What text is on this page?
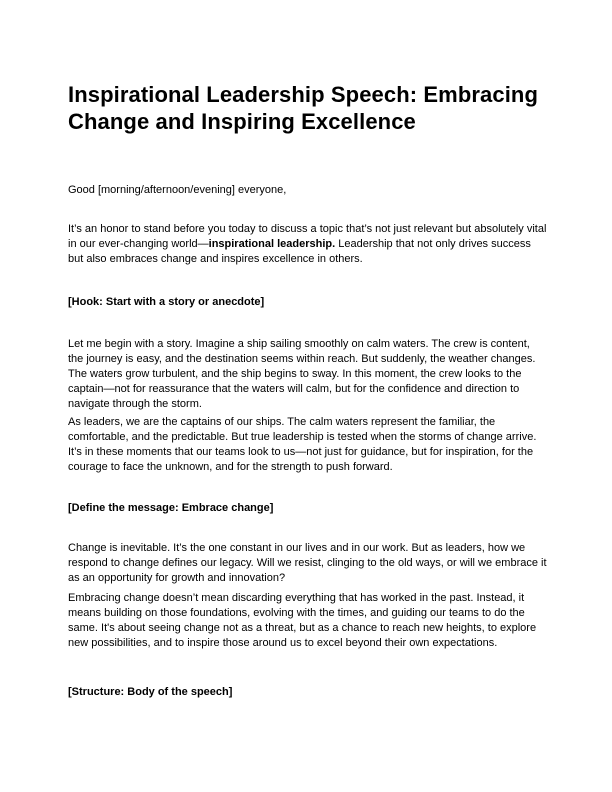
Inspirational Leadership Speech: Embracing Change and Inspiring Excellence

Good [morning/afternoon/evening] everyone,

It’s an honor to stand before you today to discuss a topic that’s not just relevant but absolutely vital in our ever-changing world—inspirational leadership. Leadership that not only drives success but also embraces change and inspires excellence in others.

[Hook: Start with a story or anecdote]

Let me begin with a story. Imagine a ship sailing smoothly on calm waters. The crew is content, the journey is easy, and the destination seems within reach. But suddenly, the weather changes. The waters grow turbulent, and the ship begins to sway. In this moment, the crew looks to the captain—not for reassurance that the waters will calm, but for the confidence and direction to navigate through the storm.

As leaders, we are the captains of our ships. The calm waters represent the familiar, the comfortable, and the predictable. But true leadership is tested when the storms of change arrive. It’s in these moments that our teams look to us—not just for guidance, but for inspiration, for the courage to face the unknown, and for the strength to push forward.

[Define the message: Embrace change]

Change is inevitable. It’s the one constant in our lives and in our work. But as leaders, how we respond to change defines our legacy. Will we resist, clinging to the old ways, or will we embrace it as an opportunity for growth and innovation?

Embracing change doesn’t mean discarding everything that has worked in the past. Instead, it means building on those foundations, evolving with the times, and guiding our teams to do the same. It's about seeing change not as a threat, but as a chance to reach new heights, to explore new possibilities, and to inspire those around us to excel beyond their own expectations.

[Structure: Body of the speech]
